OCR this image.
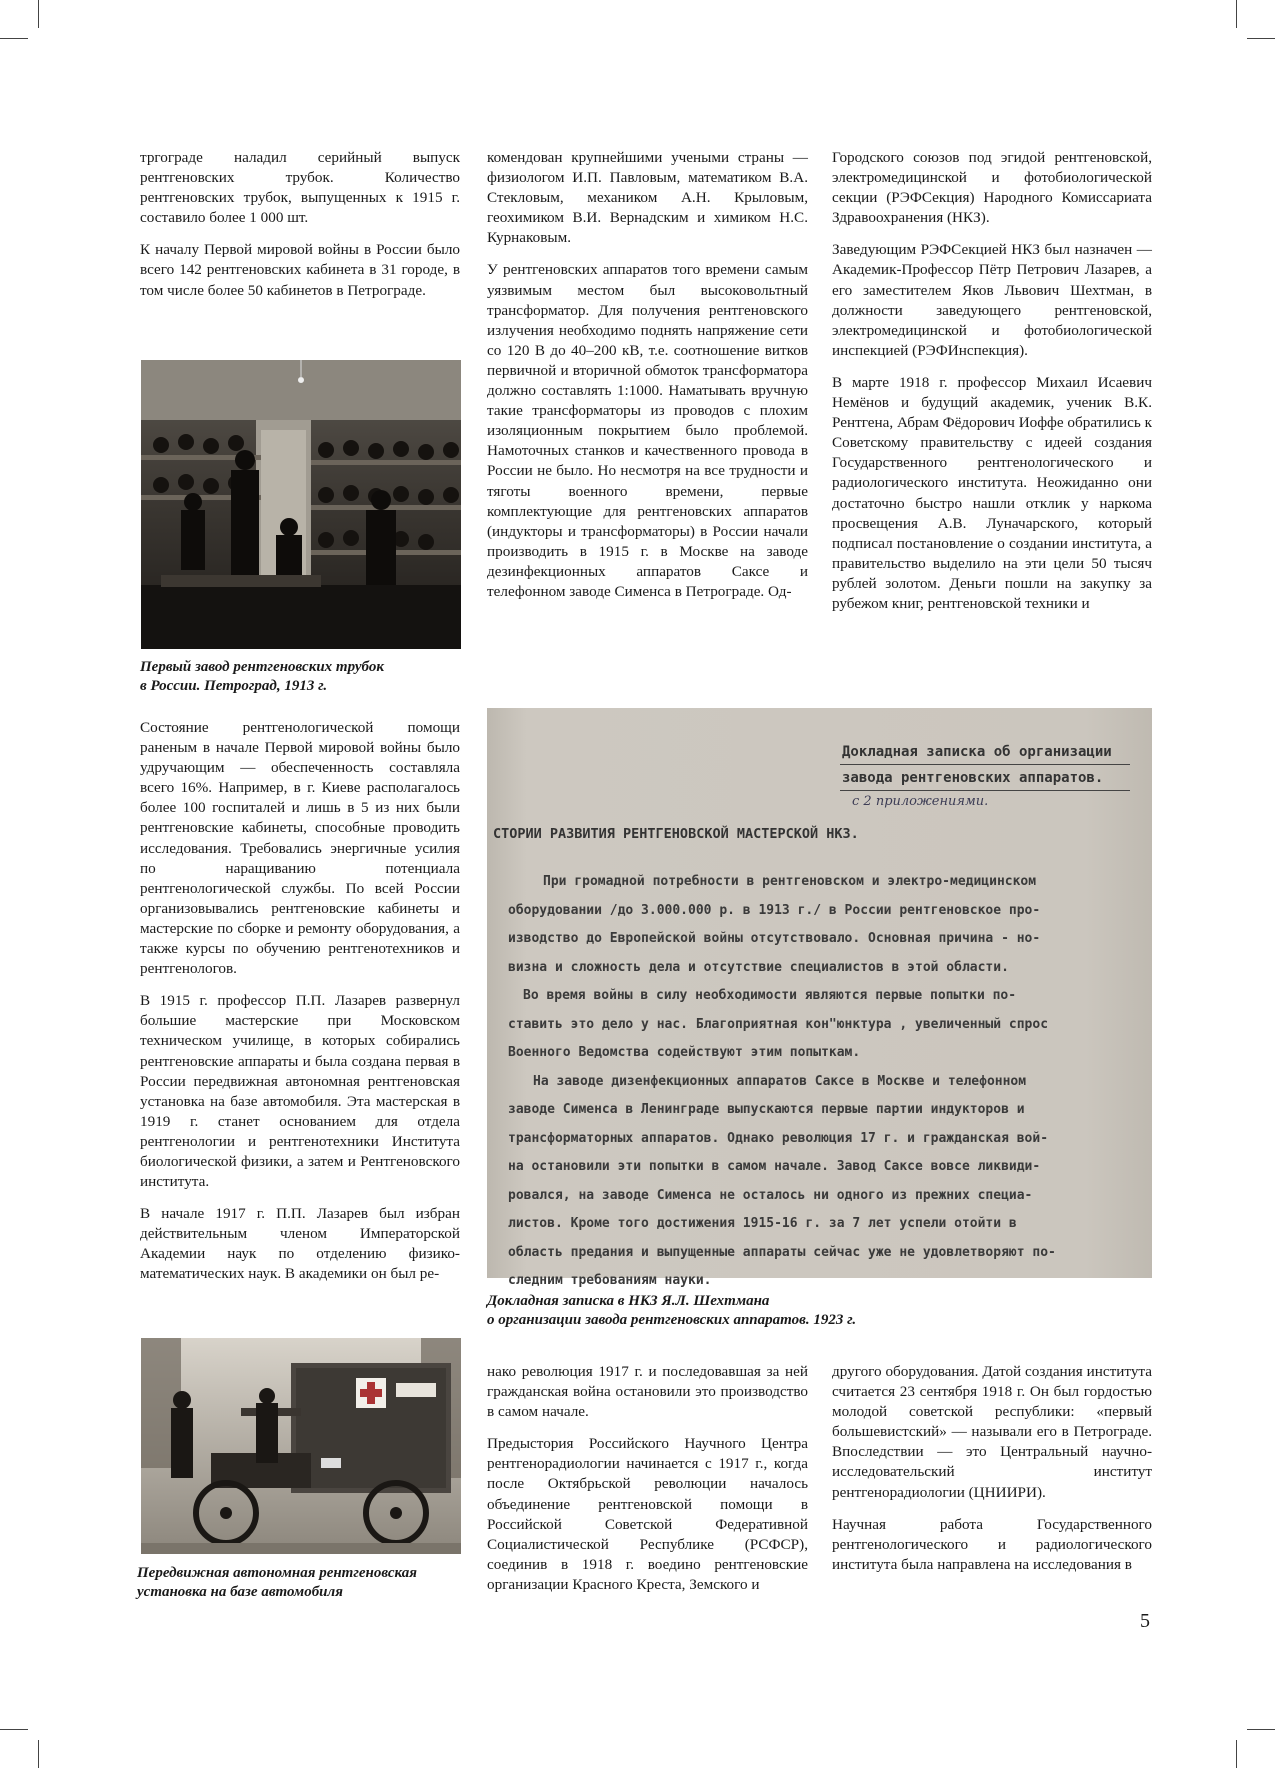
тргограде наладил серийный выпуск рентгеновских трубок. Количество рентгеновских трубок, выпущенных к 1915 г. составило более 1 000 шт.

К началу Первой мировой войны в России было всего 142 рентгеновских кабинета в 31 городе, в том числе более 50 кабинетов в Петрограде.

Первый завод рентгеновских трубок
в России. Петроград, 1913 г.

Состояние рентгенологической помощи раненым в начале Первой мировой войны было удручающим — обеспеченность составляла всего 16%. Например, в г. Киеве располагалось более 100 госпиталей и лишь в 5 из них были рентгеновские кабинеты, способные проводить исследования. Требовались энергичные усилия по наращиванию потенциала рентгенологической службы. По всей России организовывались рентгеновские кабинеты и мастерские по сборке и ремонту оборудования, а также курсы по обучению рентгенотехников и рентгенологов.

В 1915 г. профессор П.П. Лазарев развернул большие мастерские при Московском техническом училище, в которых собирались рентгеновские аппараты и была создана первая в России передвижная автономная рентгеновская установка на базе автомобиля. Эта мастерская в 1919 г. станет основанием для отдела рентгенологии и рентгенотехники Института биологической физики, а затем и Рентгеновского института.

В начале 1917 г. П.П. Лазарев был избран действительным членом Императорской Академии наук по отделению физико-математических наук. В академики он был ре-

комендован крупнейшими учеными страны — физиологом И.П. Павловым, математиком В.А. Стекловым, механиком А.Н. Крыловым, геохимиком В.И. Вернадским и химиком Н.С. Курнаковым.

У рентгеновских аппаратов того времени самым уязвимым местом был высоковольтный трансформатор. Для получения рентгеновского излучения необходимо поднять напряжение сети со 120 В до 40–200 кВ, т.е. соотношение витков первичной и вторичной обмоток трансформатора должно составлять 1:1000. Наматывать вручную такие трансформаторы из проводов с плохим изоляционным покрытием было проблемой. Намоточных станков и качественного провода в России не было. Но несмотря на все трудности и тяготы военного времени, первые комплектующие для рентгеновских аппаратов (индукторы и трансформаторы) в России начали производить в 1915 г. в Москве на заводе дезинфекционных аппаратов Саксе и телефонном заводе Сименса в Петрограде. Од-

Городского союзов под эгидой рентгеновской, электромедицинской и фотобиологической секции (РЭФСекция) Народного Комиссариата Здравоохранения (НКЗ).

Заведующим РЭФСекцией НКЗ был назначен — Академик-Профессор Пётр Петрович Лазарев, а его заместителем Яков Львович Шехтман, в должности заведующего рентгеновской, электромедицинской и фотобиологической инспекцией (РЭФИнспекция).

В марте 1918 г. профессор Михаил Исаевич Немёнов и будущий академик, ученик В.К. Рентгена, Абрам Фёдорович Иоффе обратились к Советскому правительству с идеей создания Государственного рентгенологического и радиологического института. Неожиданно они достаточно быстро нашли отклик у наркома просвещения А.В. Луначарского, который подписал постановление о создании института, а правительство выделило на эти цели 50 тысяч рублей золотом. Деньги пошли на закупку за рубежом книг, рентгеновской техники и

Докладная записка об организации
завода рентгеновских аппаратов.
с 2 приложениями.
СТОРИИ РАЗВИТИЯ РЕНТГЕНОВСКОЙ МАСТЕРСКОЙ НКЗ.
При громадной потребности в рентгеновском и электро-медицинском
оборудовании /до 3.000.000 р. в 1913 г./ в России рентгеновское про-
изводство до Европейской войны отсутствовало. Основная причина - но-
визна и сложность дела и отсутствие специалистов в этой области.
Во время войны в силу необходимости являются первые попытки по-
ставить это дело у нас. Благоприятная кон"юнктура , увеличенный спрос
Военного Ведомства содействуют этим попыткам.
На заводе дизенфекционных аппаратов Саксе в Москве и телефонном
заводе Сименса в Ленинграде выпускаются первые партии индукторов и
трансформаторных аппаратов. Однако революция 17 г. и гражданская вой-
на остановили эти попытки в самом начале. Завод Саксе вовсе ликвиди-
ровался, на заводе Сименса не осталось ни одного из прежних специа-
листов. Кроме того достижения 1915-16 г. за 7 лет успели отойти в
область предания и выпущенные аппараты сейчас уже не удовлетворяют по-
следним требованиям науки.
Докладная записка в НКЗ Я.Л. Шехтмана
о организации завода рентгеновских аппаратов. 1923 г.
Передвижная автономная рентгеновская
установка на базе автомобиля

нако революция 1917 г. и последовавшая за ней гражданская война остановили это производство в самом начале.

Предыстория Российского Научного Центра рентгенорадиологии начинается с 1917 г., когда после Октябрьской революции началось объединение рентгеновской помощи в Российской Советской Федеративной Социалистической Республике (РСФСР), соединив в 1918 г. воедино рентгеновские организации Красного Креста, Земского и

другого оборудования. Датой создания института считается 23 сентября 1918 г. Он был гордостью молодой советской республики: «первый большевистский» — называли его в Петрограде. Впоследствии — это Центральный научно-исследовательский институт рентгенорадиологии (ЦНИИРИ).

Научная работа Государственного рентгенологического и радиологического института была направлена на исследования в

5
